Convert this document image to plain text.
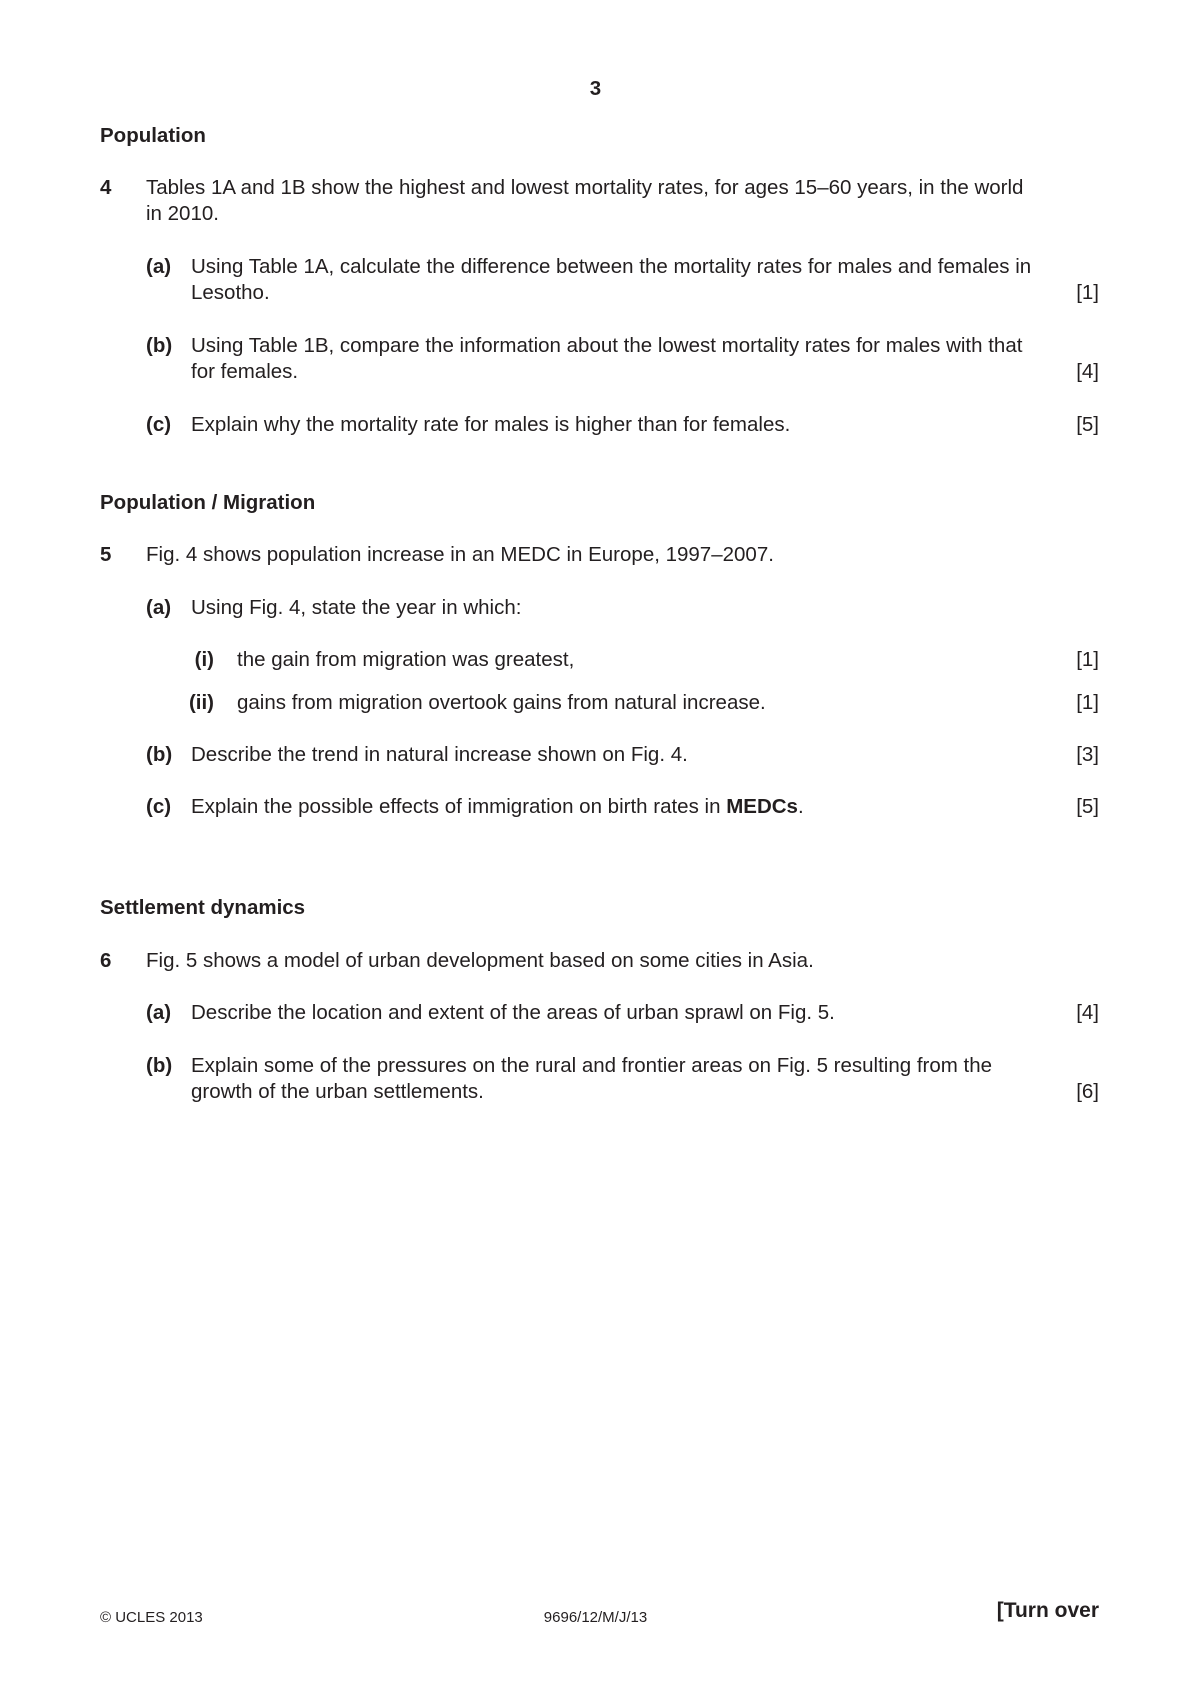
3
Population
4 Tables 1A and 1B show the highest and lowest mortality rates, for ages 15–60 years, in the world
in 2010.
(a) Using Table 1A, calculate the difference between the mortality rates for males and females in
Lesotho.	[1]
(b) Using Table 1B, compare the information about the lowest mortality rates for males with that
for females.	[4]
(c) Explain why the mortality rate for males is higher than for females.	[5]
Population / Migration
5 Fig. 4 shows population increase in an MEDC in Europe, 1997–2007.
(a) Using Fig. 4, state the year in which:
(i) the gain from migration was greatest,	[1]
(ii) gains from migration overtook gains from natural increase.	[1]
(b) Describe the trend in natural increase shown on Fig. 4.	[3]
(c) Explain the possible effects of immigration on birth rates in MEDCs.	[5]
Settlement dynamics
6 Fig. 5 shows a model of urban development based on some cities in Asia.
(a) Describe the location and extent of the areas of urban sprawl on Fig. 5.	[4]
(b) Explain some of the pressures on the rural and frontier areas on Fig. 5 resulting from the
growth of the urban settlements.	[6]
© UCLES 2013	9696/12/M/J/13	[Turn over
